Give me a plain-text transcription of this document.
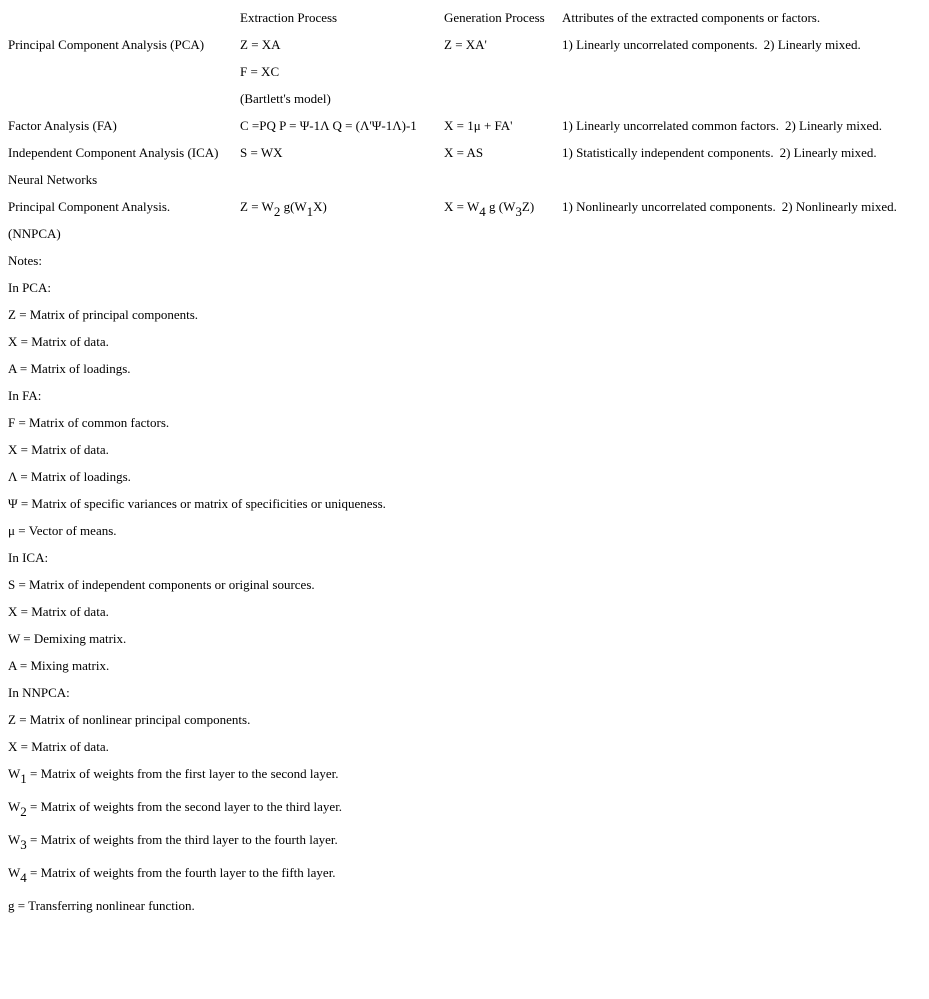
	Extraction Process	Generation Process	Attributes of the extracted components or factors.
Principal Component Analysis (PCA)	Z = XA	Z = XA'	1) Linearly uncorrelated components. 2) Linearly mixed.
	F = XC		
	(Bartlett's model)		
Factor Analysis (FA)	C =PQ P = Ψ-1Λ Q = (Λ'Ψ-1Λ)-1	X = 1μ + FA'	1) Linearly uncorrelated common factors. 2) Linearly mixed.
Independent Component Analysis (ICA)	S = WX	X = AS	1) Statistically independent components. 2) Linearly mixed.
Neural Networks			
Principal Component Analysis.	$Z = W_2$ $g(W_1X)$	$X = W_4$ g $(W_3Z)$	1) Nonlinearly uncorrelated components. 2) Nonlinearly mixed.
(NNPCA)			
Notes:			
In PCA:			
Z = Matrix of principal components.			
X = Matrix of data.			
A = Matrix of loadings.			
In FA:			
F = Matrix of common factors.			
X = Matrix of data.			
Λ = Matrix of loadings.			
Ψ = Matrix of specific variances or matrix of specificities or uniqueness.			
μ = Vector of means.			
In ICA:			
S = Matrix of independent components or original sources.			
X = Matrix of data.			
W = Demixing matrix.			
A = Mixing matrix.			
In NNPCA:			
Z = Matrix of nonlinear principal components.			
X = Matrix of data.			
$W_1$ = Matrix of weights from the first layer to the second layer.			
$W_2$ = Matrix of weights from the second layer to the third layer.			
$W_3$ = Matrix of weights from the third layer to the fourth layer.			
$W_4$ = Matrix of weights from the fourth layer to the fifth layer.			
g = Transferring nonlinear function.			
